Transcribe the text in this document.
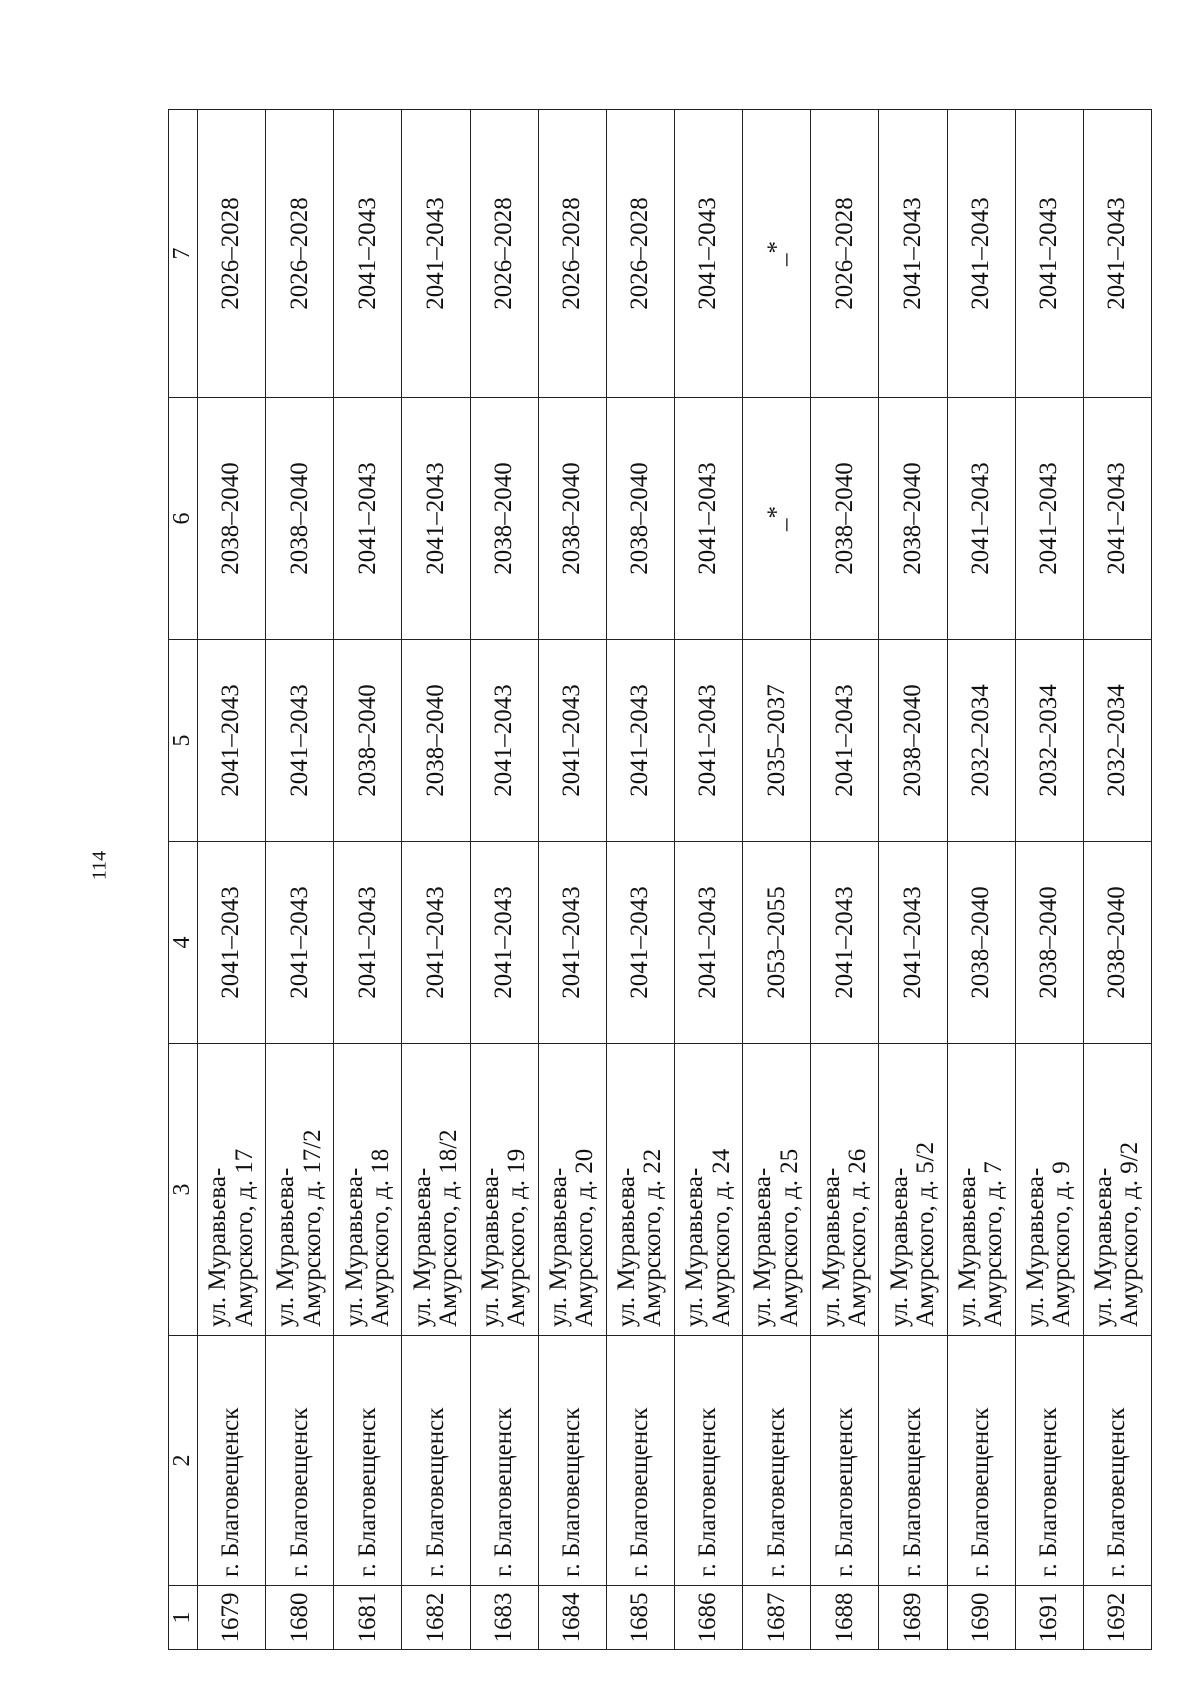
114
1	2	3	4	5	6	7
1679	г. Благовещенск	ул. Муравьева-Амурского, д. 17	2041–2043	2041–2043	2038–2040	2026–2028
1680	г. Благовещенск	ул. Муравьева-Амурского, д. 17/2	2041–2043	2041–2043	2038–2040	2026–2028
1681	г. Благовещенск	ул. Муравьева-Амурского, д. 18	2041–2043	2038–2040	2041–2043	2041–2043
1682	г. Благовещенск	ул. Муравьева-Амурского, д. 18/2	2041–2043	2038–2040	2041–2043	2041–2043
1683	г. Благовещенск	ул. Муравьева-Амурского, д. 19	2041–2043	2041–2043	2038–2040	2026–2028
1684	г. Благовещенск	ул. Муравьева-Амурского, д. 20	2041–2043	2041–2043	2038–2040	2026–2028
1685	г. Благовещенск	ул. Муравьева-Амурского, д. 22	2041–2043	2041–2043	2038–2040	2026–2028
1686	г. Благовещенск	ул. Муравьева-Амурского, д. 24	2041–2043	2041–2043	2041–2043	2041–2043
1687	г. Благовещенск	ул. Муравьева-Амурского, д. 25	2053–2055	2035–2037	_*	_*
1688	г. Благовещенск	ул. Муравьева-Амурского, д. 26	2041–2043	2041–2043	2038–2040	2026–2028
1689	г. Благовещенск	ул. Муравьева-Амурского, д. 5/2	2041–2043	2038–2040	2038–2040	2041–2043
1690	г. Благовещенск	ул. Муравьева-Амурского, д. 7	2038–2040	2032–2034	2041–2043	2041–2043
1691	г. Благовещенск	ул. Муравьева-Амурского, д. 9	2038–2040	2032–2034	2041–2043	2041–2043
1692	г. Благовещенск	ул. Муравьева-Амурского, д. 9/2	2038–2040	2032–2034	2041–2043	2041–2043
